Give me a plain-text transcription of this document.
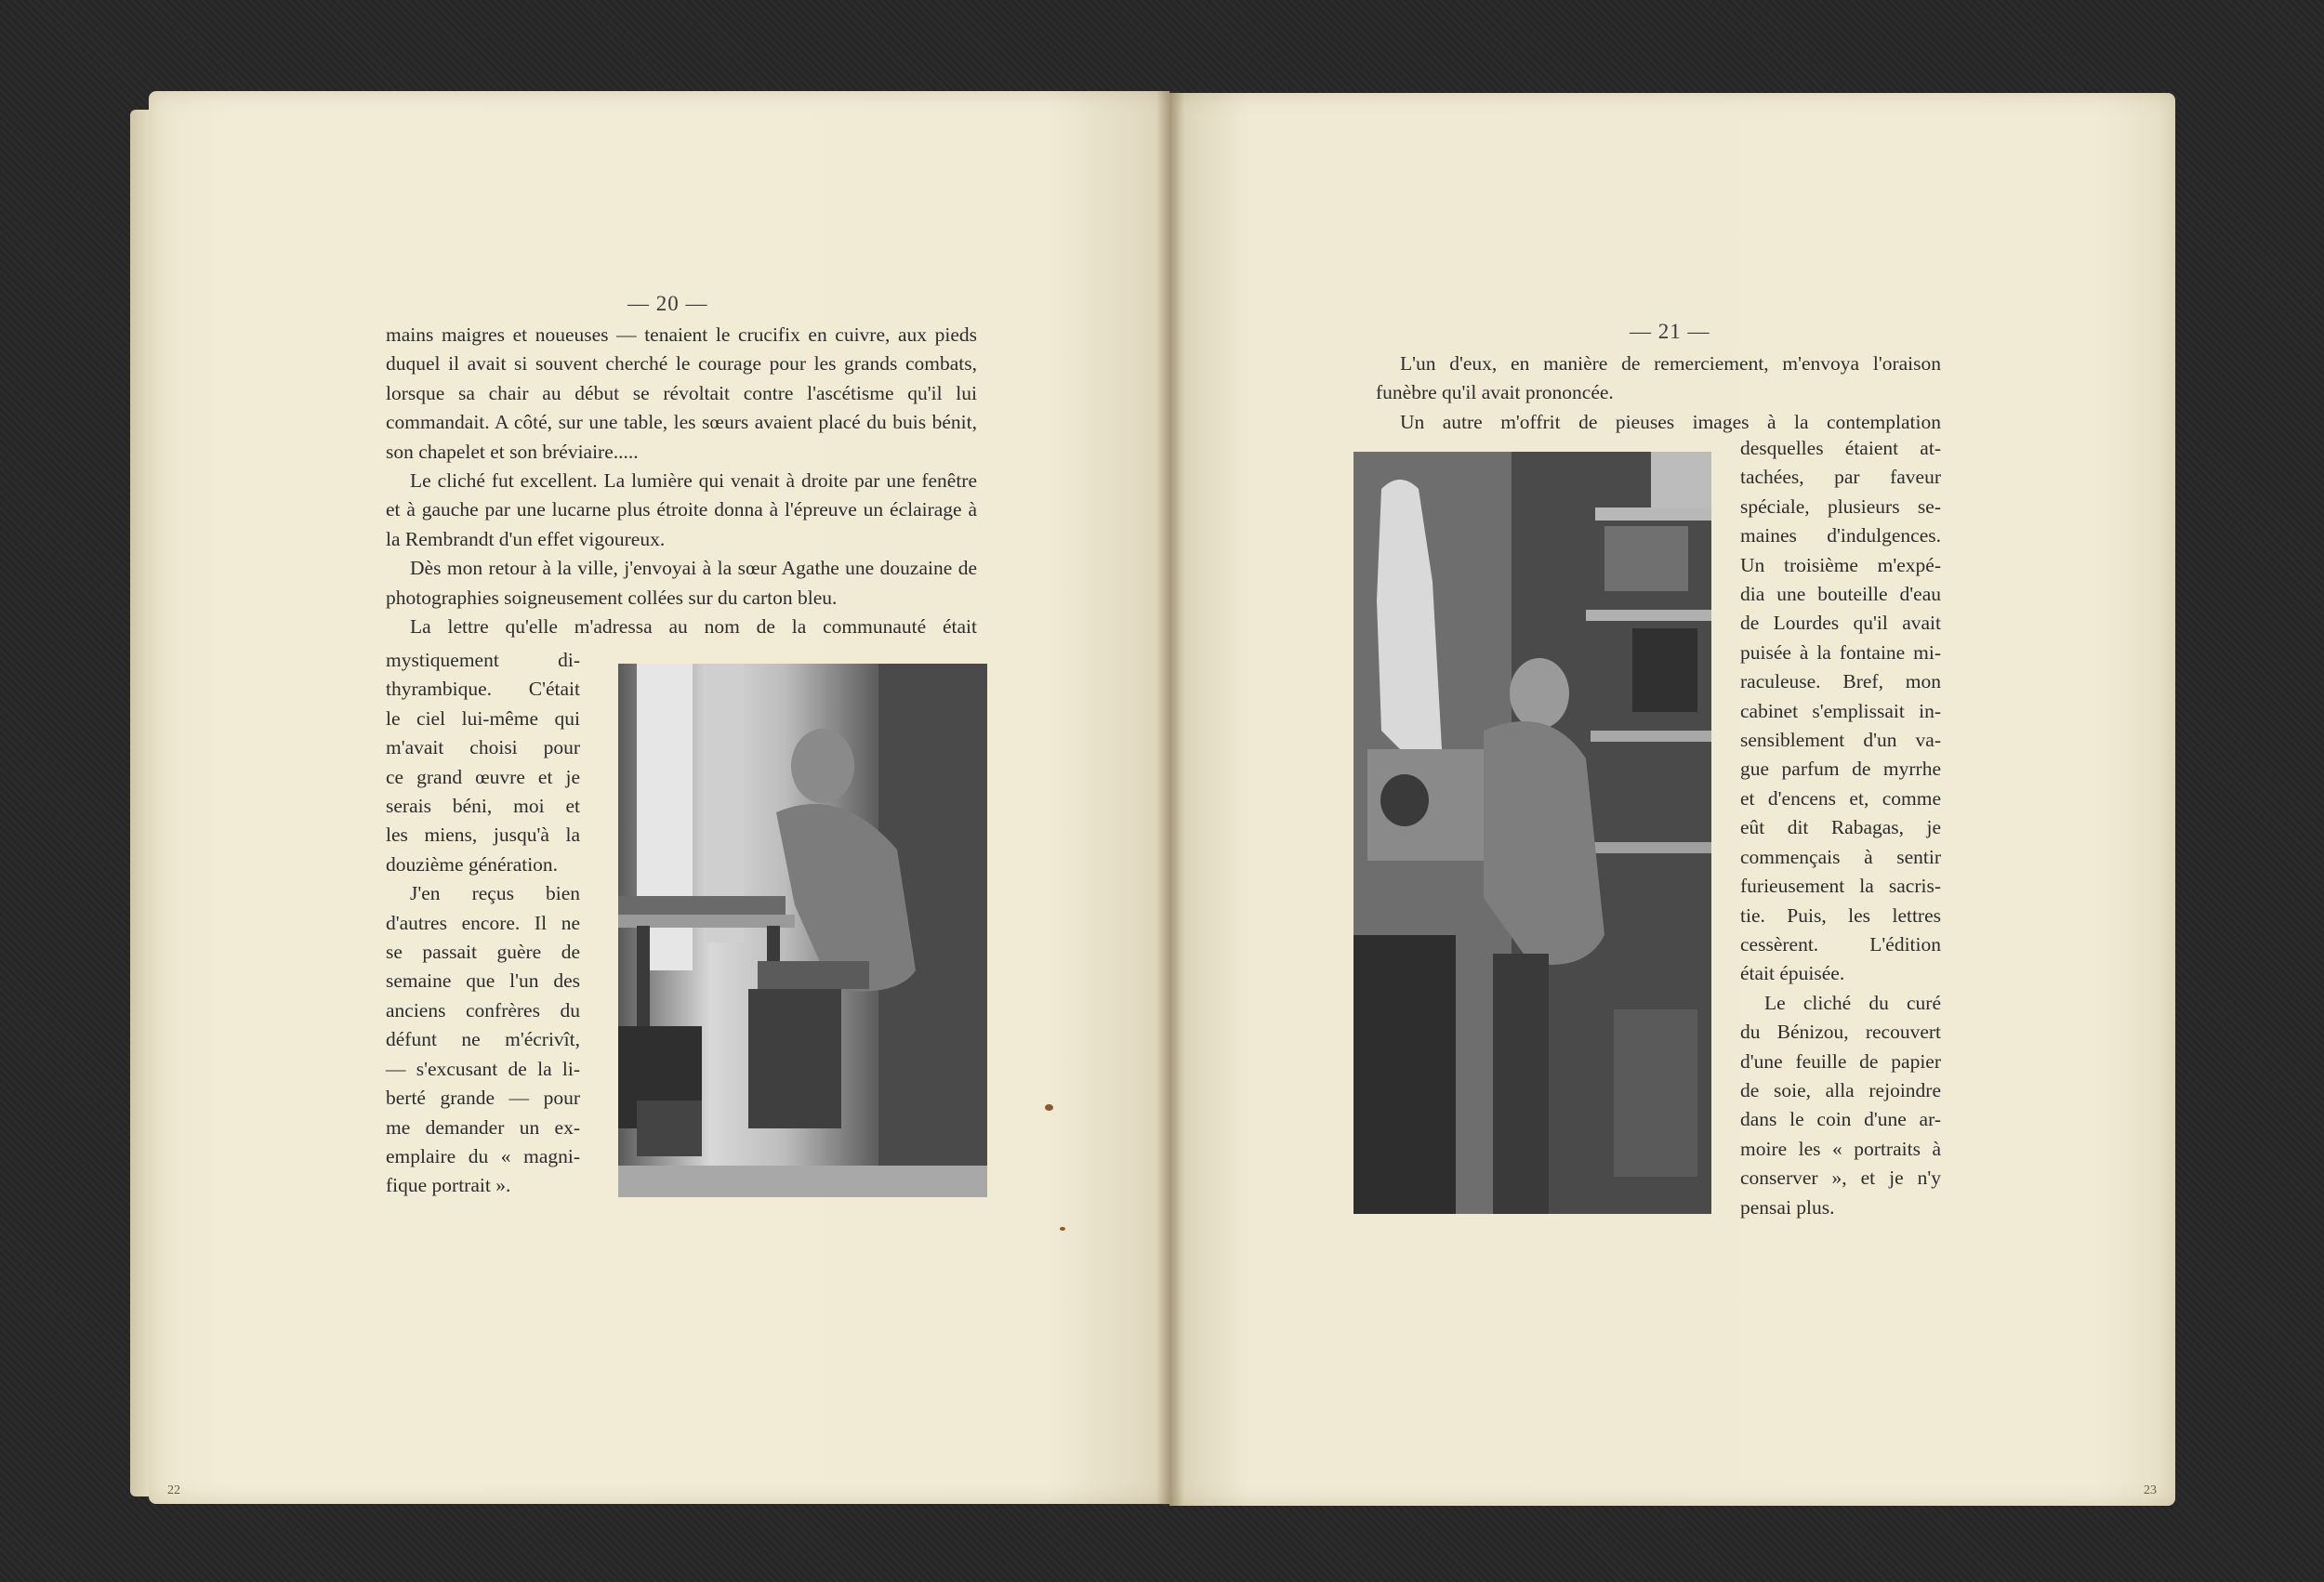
— 20 —

mains maigres et noueuses — tenaient le crucifix en cuivre, aux pieds duquel il avait si souvent cherché le courage pour les grands combats, lorsque sa chair au début se révoltait contre l'ascétisme qu'il lui commandait. A côté, sur une table, les sœurs avaient placé du buis bénit, son chapelet et son bréviaire.....

Le cliché fut excellent. La lumière qui venait à droite par une fenêtre et à gauche par une lucarne plus étroite donna à l'épreuve un éclairage à la Rembrandt d'un effet vigoureux.

Dès mon retour à la ville, j'envoyai à la sœur Agathe une douzaine de photographies soigneusement collées sur du carton bleu.

La lettre qu'elle m'adressa au nom de la communauté était

mystiquement di-

thyrambique. C'était

le ciel lui-même qui

m'avait choisi pour

ce grand œuvre et je

serais béni, moi et

les miens, jusqu'à la

douzième génération.

J'en reçus bien

d'autres encore. Il ne

se passait guère de

semaine que l'un des

anciens confrères du

défunt ne m'écrivît,

— s'excusant de la li-

berté grande — pour

me demander un ex-

emplaire du « magni-

fique portrait ».

22
— 21 —

L'un d'eux, en manière de remerciement, m'envoya l'oraison funèbre qu'il avait prononcée.

Un autre m'offrit de pieuses images à la contemplation

desquelles étaient at-

tachées, par faveur

spéciale, plusieurs se-

maines d'indulgences.

Un troisième m'expé-

dia une bouteille d'eau

de Lourdes qu'il avait

puisée à la fontaine mi-

raculeuse. Bref, mon

cabinet s'emplissait in-

sensiblement d'un va-

gue parfum de myrrhe

et d'encens et, comme

eût dit Rabagas, je

commençais à sentir

furieusement la sacris-

tie. Puis, les lettres

cessèrent. L'édition

était épuisée.

Le cliché du curé

du Bénizou, recouvert

d'une feuille de papier

de soie, alla rejoindre

dans le coin d'une ar-

moire les « portraits à

conserver », et je n'y

pensai plus.

23
